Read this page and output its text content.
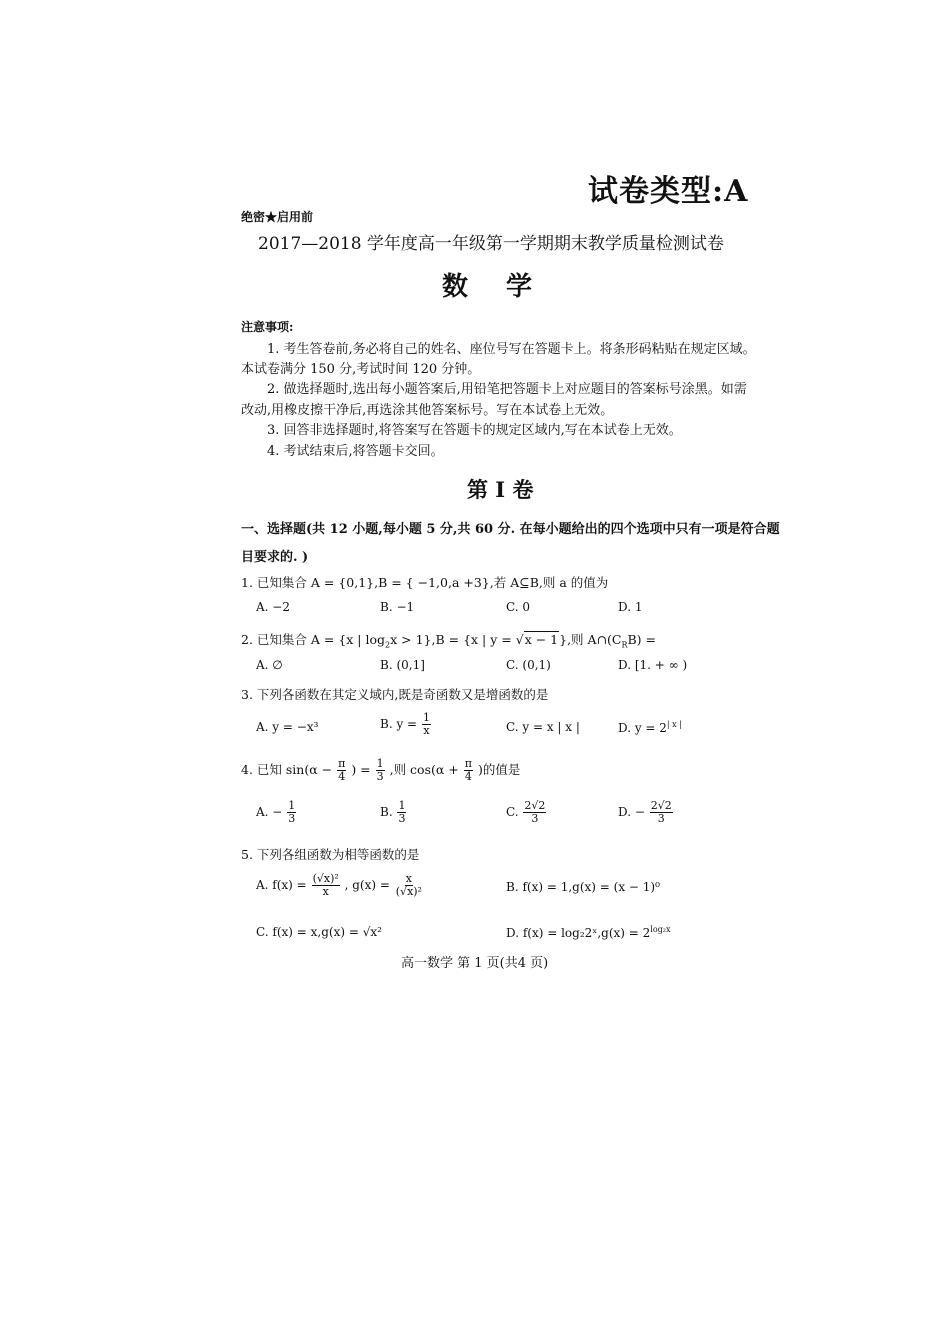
试卷类型:A
绝密★启用前
2017—2018 学年度高一年级第一学期期末教学质量检测试卷
数学
注意事项:
1. 考生答卷前,务必将自己的姓名、座位号写在答题卡上。将条形码粘贴在规定区域。
本试卷满分 150 分,考试时间 120 分钟。
2. 做选择题时,选出每小题答案后,用铅笔把答题卡上对应题目的答案标号涂黑。如需
改动,用橡皮擦干净后,再选涂其他答案标号。写在本试卷上无效。
3. 回答非选择题时,将答案写在答题卡的规定区域内,写在本试卷上无效。
4. 考试结束后,将答题卡交回。
第 I 卷
一、选择题(共 12 小题,每小题 5 分,共 60 分. 在每小题给出的四个选项中只有一项是符合题
目要求的. )
1. 已知集合 A = {0,1},B = { −1,0,a +3},若 A⊆B,则 a 的值为
A. −2	B. −1	C. 0	D. 1
2. 已知集合 A = {x | $\log_2x > 1\},B = \{x$ | y = √x − 1},则 $A\cap(C_RB)$ =
A. ∅	B. (0,1]	C. (0,1)	D. [1. + ∞ )
3. 下列各函数在其定义域内,既是奇函数又是增函数的是
A. y = −x³	B. $y = \frac{1}{x}$	C. y = x | x |	D. $y = 2^{| x |}$
4. 已知 $\sin(\alpha - \frac{\pi}{4}$ ) = $\frac{1}{3}$ ,则 $\cos(\alpha + \frac{\pi}{4}$ )的值是
A. − $\frac{1}{3}$	B. $\frac{1}{3}$	C. $\frac{2√2}{3}$	D. − $\frac{2√2}{3}$
5. 下列各组函数为相等函数的是
A. $f(x) = \frac{\text{(√x)²}}{x}$ , $g(x) = \frac{x}{\text{(√x)²}}$	B. f(x) = 1,g(x) = (x − 1)⁰
C. f(x) = x,g(x) = √x²	D. f(x) = log₂2ˣ,g(x) = $2^{log_2x}$
高一数学 第 1 页(共4 页)
